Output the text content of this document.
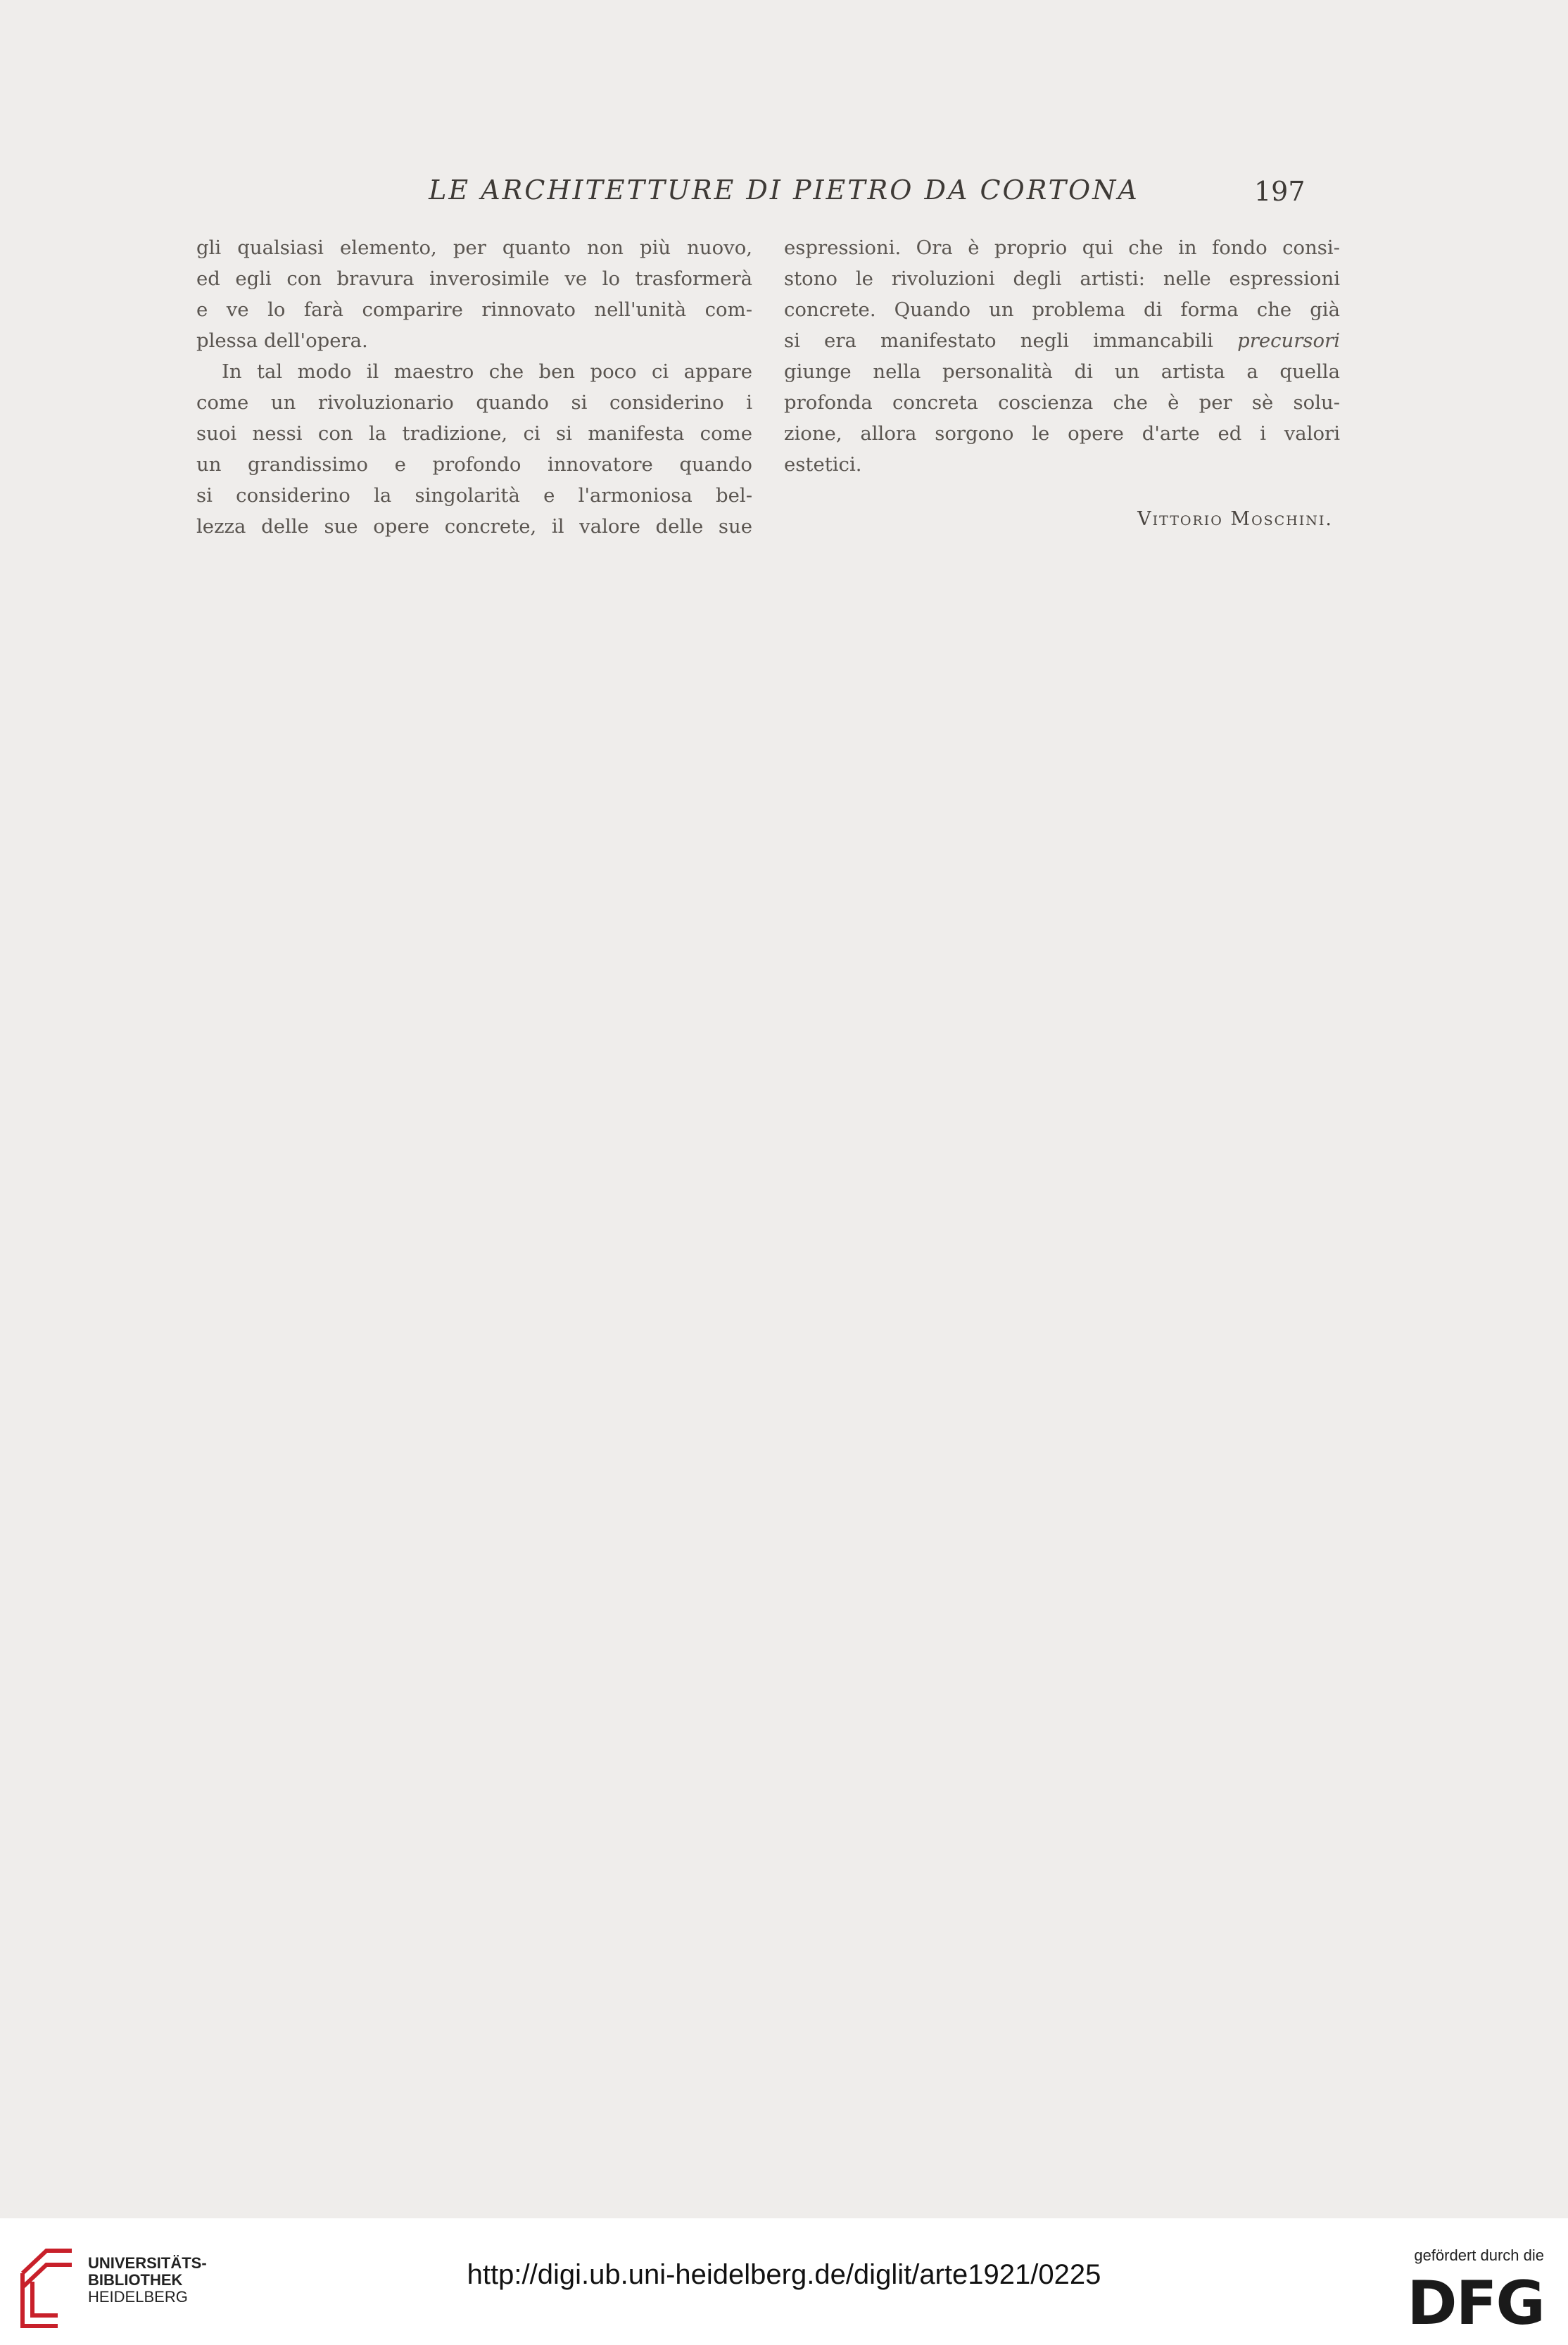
LE ARCHITETTURE DI PIETRO DA CORTONA	197
gli qualsiasi elemento, per quanto non più nuovo,
ed egli con bravura inverosimile ve lo trasformerà
e ve lo farà comparire rinnovato nell'unità com-
plessa dell'opera.
In tal modo il maestro che ben poco ci appare
come un rivoluzionario quando si considerino i
suoi nessi con la tradizione, ci si manifesta come
un grandissimo e profondo innovatore quando
si considerino la singolarità e l'armoniosa bel-
lezza delle sue opere concrete, il valore delle sue
espressioni. Ora è proprio qui che in fondo consi-
stono le rivoluzioni degli artisti: nelle espressioni
concrete. Quando un problema di forma che già
si era manifestato negli immancabili precursori
giunge nella personalità di un artista a quella
profonda concreta coscienza che è per sè solu-
zione, allora sorgono le opere d'arte ed i valori
estetici.
Vittorio Moschini.
UNIVERSITÄTS-
BIBLIOTHEK
HEIDELBERG
http://digi.ub.uni-heidelberg.de/diglit/arte1921/0225
gefördert durch die
DFG
